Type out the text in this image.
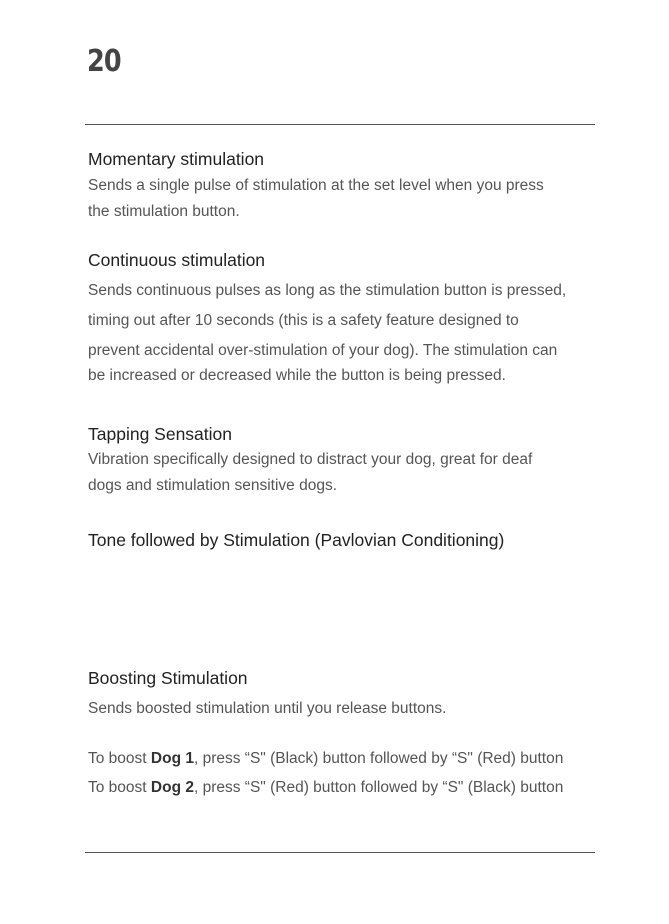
20
Momentary stimulation

Sends a single pulse of stimulation at the set level when you press

the stimulation button.

Continuous stimulation

Sends continuous pulses as long as the stimulation button is pressed,

timing out after 10 seconds (this is a safety feature designed to

prevent accidental over-stimulation of your dog). The stimulation can

be increased or decreased while the button is being pressed.

Tapping Sensation

Vibration specifically designed to distract your dog, great for deaf

dogs and stimulation sensitive dogs.

Tone followed by Stimulation (Pavlovian Conditioning)
Boosting Stimulation

Sends boosted stimulation until you release buttons.

To boost Dog 1, press “S" (Black) button followed by “S" (Red) button

To boost Dog 2, press “S" (Red) button followed by “S" (Black) button
